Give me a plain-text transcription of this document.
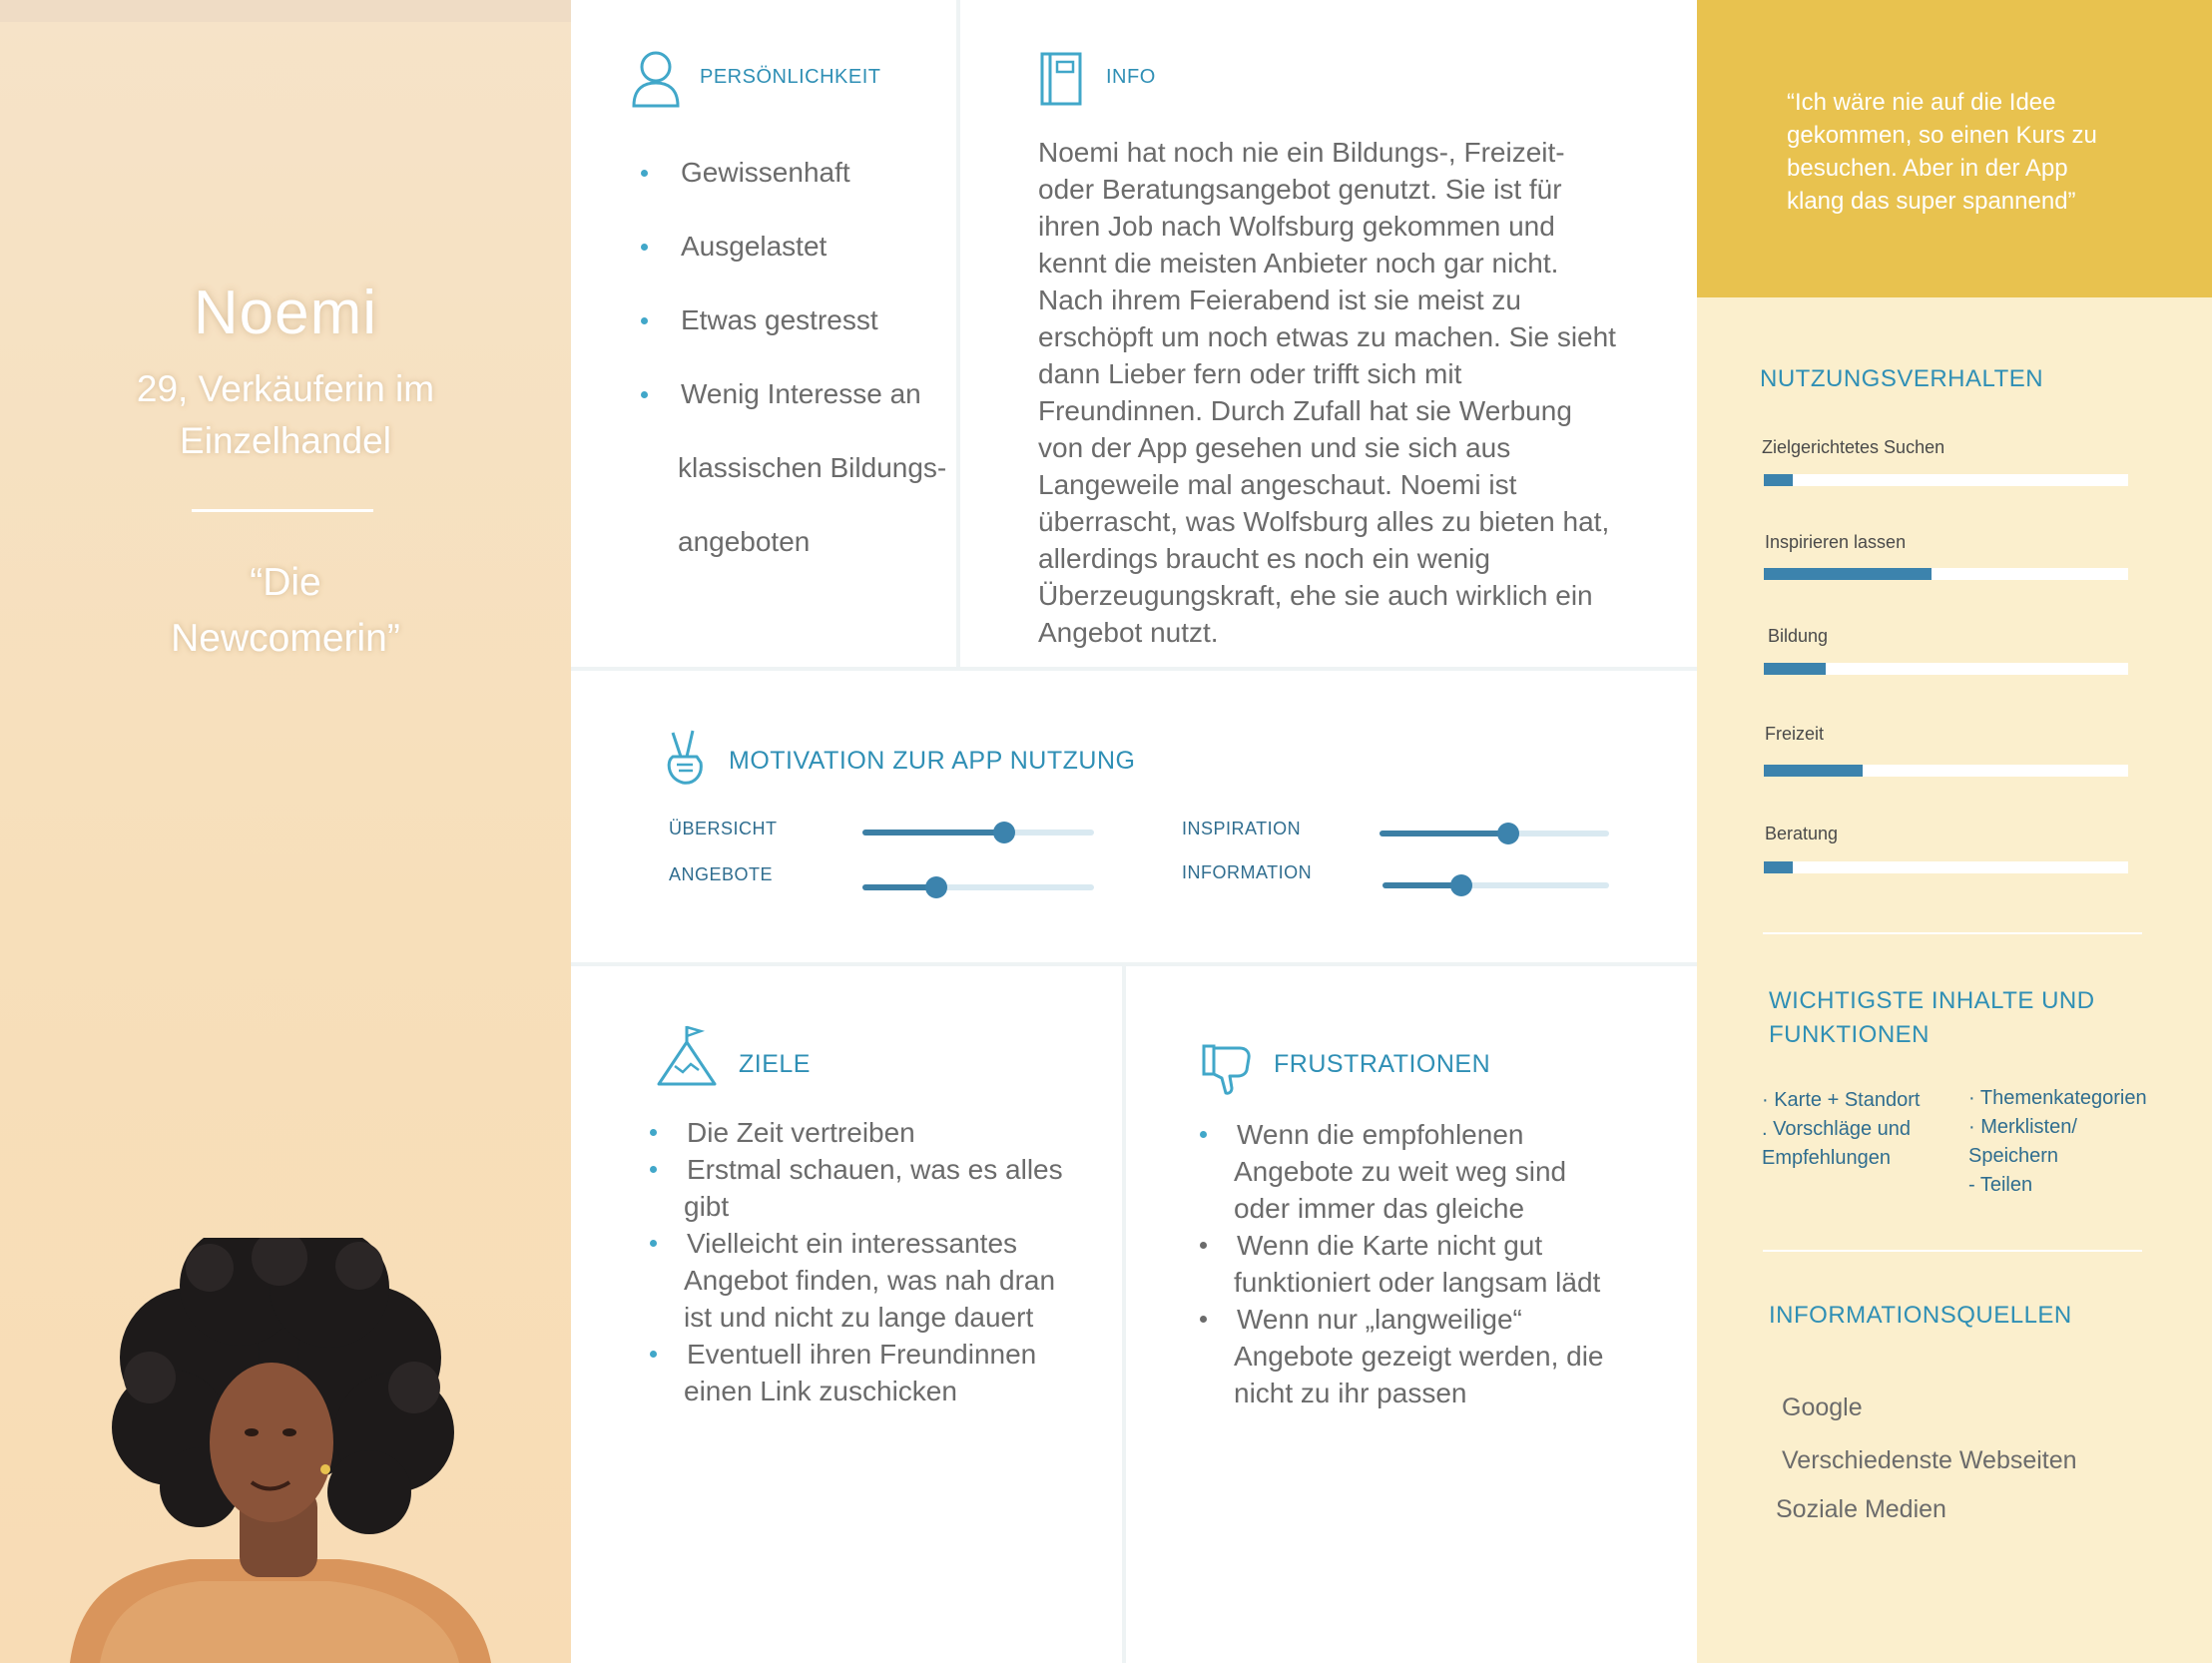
Noemi
29, Verkäuferin im
Einzelhandel
“Die
Newcomerin”
PERSÖNLICHKEIT
Gewissenhaft
Ausgelastet
Etwas gestresst
Wenig Interesse an
klassischen Bildungs-
angeboten
INFO
Noemi hat noch nie ein Bildungs-, Freizeit-
oder Beratungsangebot genutzt. Sie ist für
ihren Job nach Wolfsburg gekommen und
kennt die meisten Anbieter noch gar nicht.
Nach ihrem Feierabend ist sie meist zu
erschöpft um noch etwas zu machen. Sie sieht
dann Lieber fern oder trifft sich mit
Freundinnen. Durch Zufall hat sie Werbung
von der App gesehen und sie sich aus
Langeweile mal angeschaut. Noemi ist
überrascht, was Wolfsburg alles zu bieten hat,
allerdings braucht es noch ein wenig
Überzeugungskraft, ehe sie auch wirklich ein
Angebot nutzt.
MOTIVATION ZUR APP NUTZUNG
ÜBERSICHT
ANGEBOTE
INSPIRATION
INFORMATION
ZIELE
Die Zeit vertreiben
Erstmal schauen, was es alles
gibt
Vielleicht ein interessantes
Angebot finden, was nah dran
ist und nicht zu lange dauert
Eventuell ihren Freundinnen
einen Link zuschicken
FRUSTRATIONEN
Wenn die empfohlenen
Angebote zu weit weg sind
oder immer das gleiche
Wenn die Karte nicht gut
funktioniert oder langsam lädt
Wenn nur „langweilige“
Angebote gezeigt werden, die
nicht zu ihr passen
“Ich wäre nie auf die Idee
gekommen, so einen Kurs zu
besuchen. Aber in der App
klang das super spannend”
NUTZUNGSVERHALTEN
Zielgerichtetes Suchen
Inspirieren lassen
Bildung
Freizeit
Beratung
WICHTIGSTE INHALTE UND
FUNKTIONEN
· Karte + Standort
. Vorschläge und
Empfehlungen
· Themenkategorien
· Merklisten/
Speichern
- Teilen
INFORMATIONSQUELLEN
Google
Verschiedenste Webseiten
Soziale Medien
